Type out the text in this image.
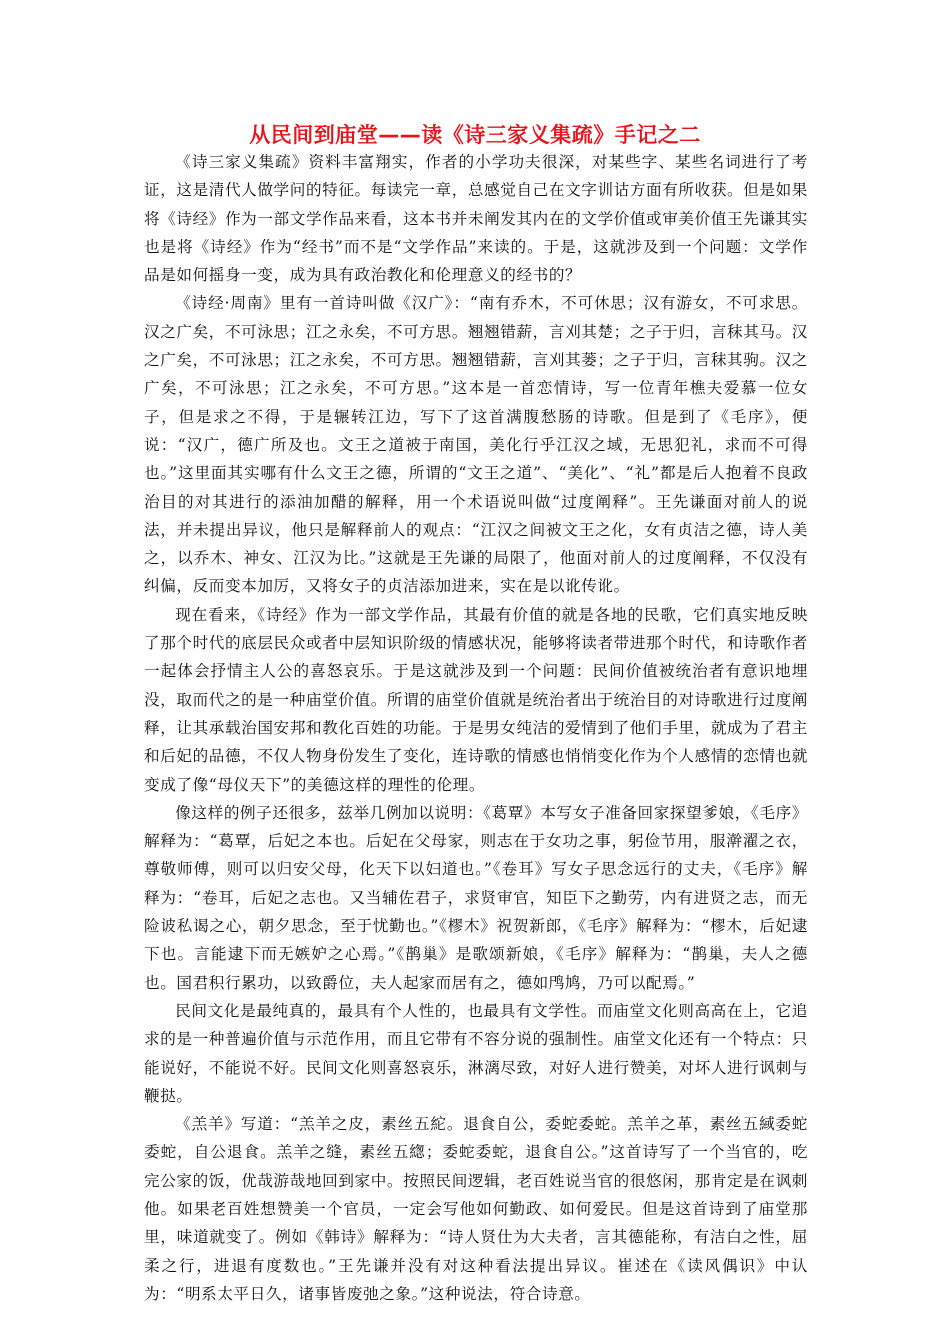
从民间到庙堂——读《诗三家义集疏》手记之二

《诗三家义集疏》资料丰富翔实，作者的小学功夫很深，对某些字、某些名词进行了考证，这是清代人做学问的特征。每读完一章，总感觉自己在文字训诂方面有所收获。但是如果将《诗经》作为一部文学作品来看，这本书并未阐发其内在的文学价值或审美价值王先谦其实也是将《诗经》作为“经书”而不是“文学作品”来读的。于是，这就涉及到一个问题：文学作品是如何摇身一变，成为具有政治教化和伦理意义的经书的？

《诗经·周南》里有一首诗叫做《汉广》：“南有乔木，不可休思；汉有游女，不可求思。汉之广矣，不可泳思；江之永矣，不可方思。翘翘错薪，言刈其楚；之子于归，言秣其马。汉之广矣，不可泳思；江之永矣，不可方思。翘翘错薪，言刈其蒌；之子于归，言秣其驹。汉之广矣，不可泳思；江之永矣，不可方思。”这本是一首恋情诗，写一位青年樵夫爱慕一位女子，但是求之不得，于是辗转江边，写下了这首满腹愁肠的诗歌。但是到了《毛序》，便说：“汉广，德广所及也。文王之道被于南国，美化行乎江汉之域，无思犯礼，求而不可得也。”这里面其实哪有什么文王之德，所谓的“文王之道”、“美化”、“礼”都是后人抱着不良政治目的对其进行的添油加醋的解释，用一个术语说叫做“过度阐释”。王先谦面对前人的说法，并未提出异议，他只是解释前人的观点：“江汉之间被文王之化，女有贞洁之德，诗人美之，以乔木、神女、江汉为比。”这就是王先谦的局限了，他面对前人的过度阐释，不仅没有纠偏，反而变本加厉，又将女子的贞洁添加进来，实在是以讹传讹。

现在看来，《诗经》作为一部文学作品，其最有价值的就是各地的民歌，它们真实地反映了那个时代的底层民众或者中层知识阶级的情感状况，能够将读者带进那个时代，和诗歌作者一起体会抒情主人公的喜怒哀乐。于是这就涉及到一个问题：民间价值被统治者有意识地埋没，取而代之的是一种庙堂价值。所谓的庙堂价值就是统治者出于统治目的对诗歌进行过度阐释，让其承载治国安邦和教化百姓的功能。于是男女纯洁的爱情到了他们手里，就成为了君主和后妃的品德，不仅人物身份发生了变化，连诗歌的情感也悄悄变化作为个人感情的恋情也就变成了像“母仪天下”的美德这样的理性的伦理。

像这样的例子还很多，兹举几例加以说明：《葛覃》本写女子准备回家探望爹娘，《毛序》解释为：“葛覃，后妃之本也。后妃在父母家，则志在于女功之事，躬俭节用，服澣濯之衣，尊敬师傅，则可以归安父母，化天下以妇道也。”《卷耳》写女子思念远行的丈夫，《毛序》解释为：“卷耳，后妃之志也。又当辅佐君子，求贤审官，知臣下之勤劳，内有进贤之志，而无险诐私谒之心，朝夕思念，至于忧勤也。”《樛木》祝贺新郎，《毛序》解释为：“樛木，后妃逮下也。言能逮下而无嫉妒之心焉。”《鹊巢》是歌颂新娘，《毛序》解释为：“鹊巢，夫人之德也。国君积行累功，以致爵位，夫人起家而居有之，德如鸤鸠，乃可以配焉。”

民间文化是最纯真的，最具有个人性的，也最具有文学性。而庙堂文化则高高在上，它追求的是一种普遍价值与示范作用，而且它带有不容分说的强制性。庙堂文化还有一个特点：只能说好，不能说不好。民间文化则喜怒哀乐，淋漓尽致，对好人进行赞美，对坏人进行讽刺与鞭挞。

《羔羊》写道：“羔羊之皮，素丝五紽。退食自公，委蛇委蛇。羔羊之革，素丝五緎委蛇委蛇，自公退食。羔羊之缝，素丝五緫；委蛇委蛇，退食自公。”这首诗写了一个当官的，吃完公家的饭，优哉游哉地回到家中。按照民间逻辑，老百姓说当官的很悠闲，那肯定是在讽刺他。如果老百姓想赞美一个官员，一定会写他如何勤政、如何爱民。但是这首诗到了庙堂那里，味道就变了。例如《韩诗》解释为：“诗人贤仕为大夫者，言其德能称，有洁白之性，屈柔之行，进退有度数也。”王先谦并没有对这种看法提出异议。崔述在《读风偶识》中认为：“明系太平日久，诸事皆废弛之象。”这种说法，符合诗意。
